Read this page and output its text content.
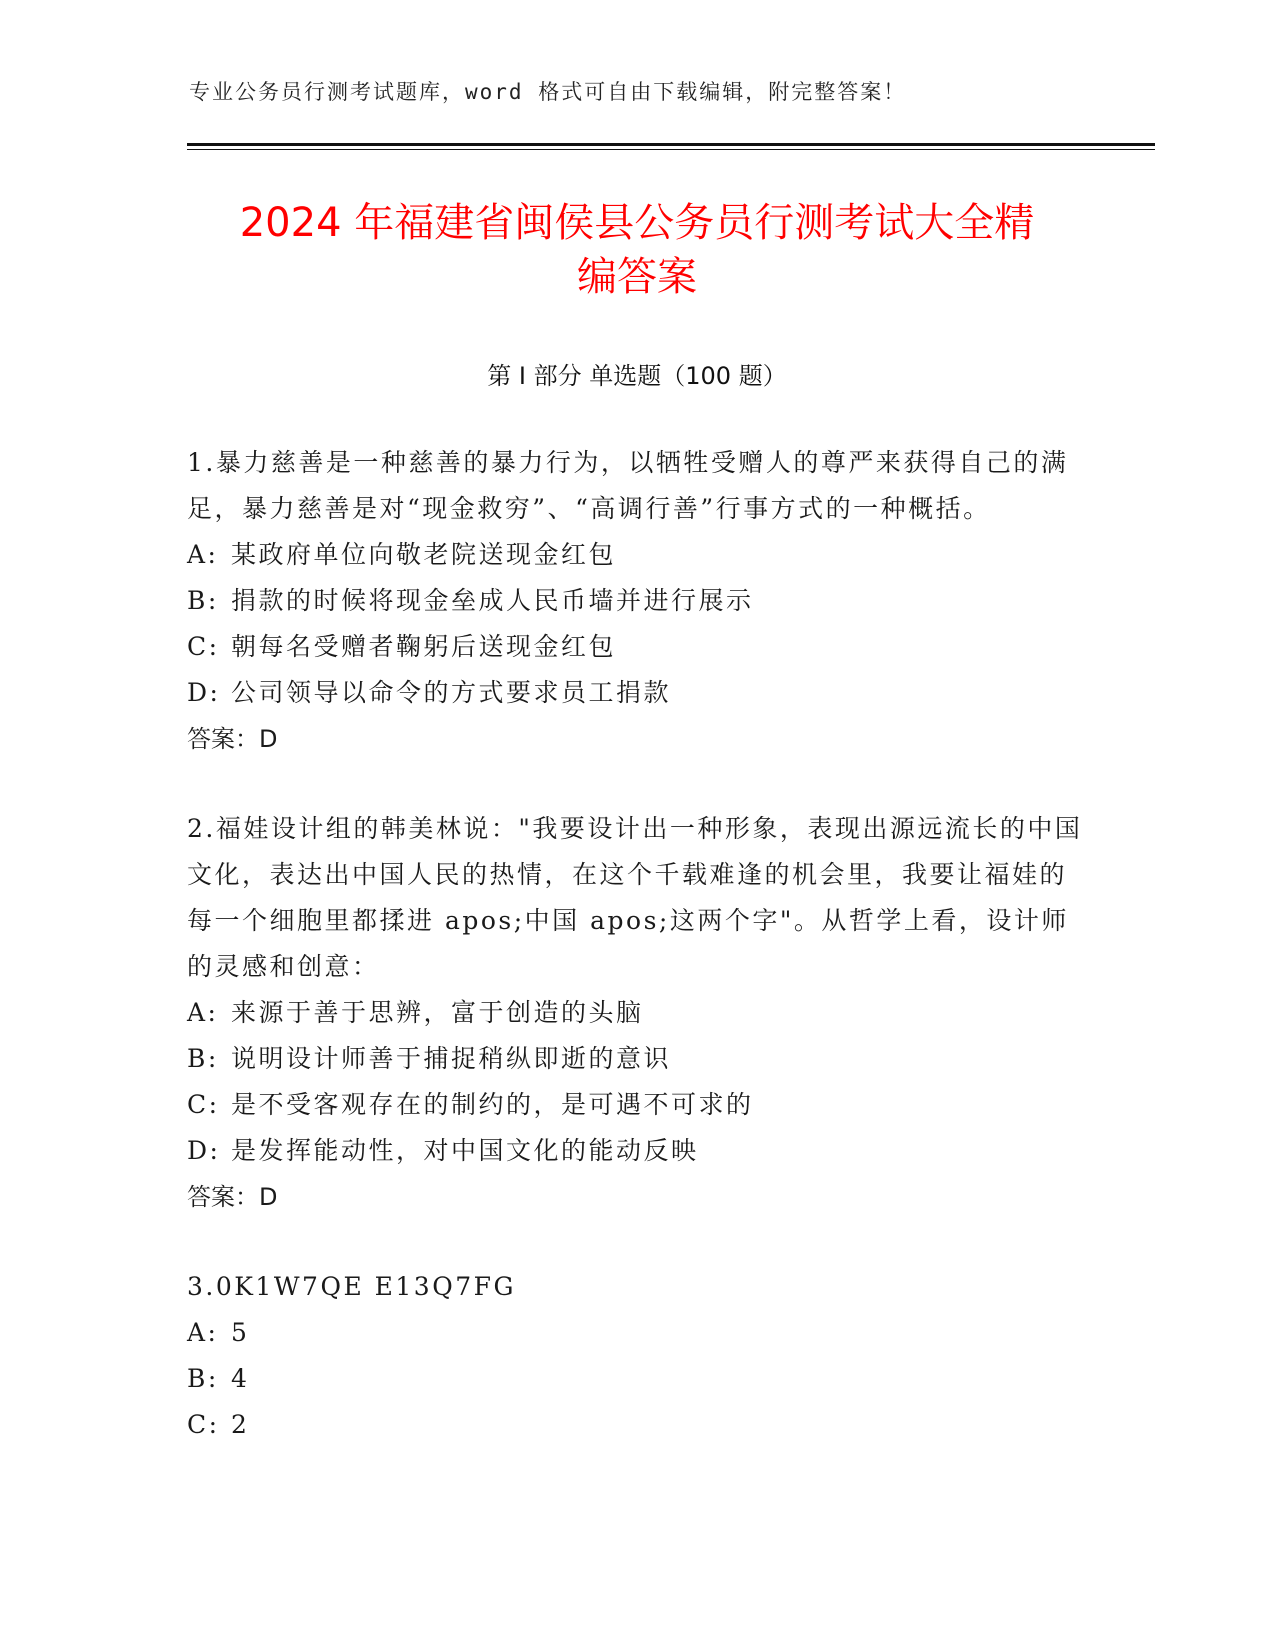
专业公务员行测考试题库，word 格式可自由下载编辑，附完整答案！
2024 年福建省闽侯县公务员行测考试大全精
编答案
第 I 部分 单选题（100 题）

1.暴力慈善是一种慈善的暴力行为，以牺牲受赠人的尊严来获得自己的满足，暴力慈善是对“现金救穷”、“高调行善”行事方式的一种概括。

A: 某政府单位向敬老院送现金红包

B: 捐款的时候将现金垒成人民币墙并进行展示

C: 朝每名受赠者鞠躬后送现金红包

D: 公司领导以命令的方式要求员工捐款

答案：D

2.福娃设计组的韩美林说："我要设计出一种形象，表现出源远流长的中国文化，表达出中国人民的热情，在这个千载难逢的机会里，我要让福娃的每一个细胞里都揉进 apos;中国 apos;这两个字"。从哲学上看，设计师的灵感和创意：

A: 来源于善于思辨，富于创造的头脑

B: 说明设计师善于捕捉稍纵即逝的意识

C: 是不受客观存在的制约的，是可遇不可求的

D: 是发挥能动性，对中国文化的能动反映

答案：D

3.0K1W7QE E13Q7FG

A: 5

B: 4

C: 2
